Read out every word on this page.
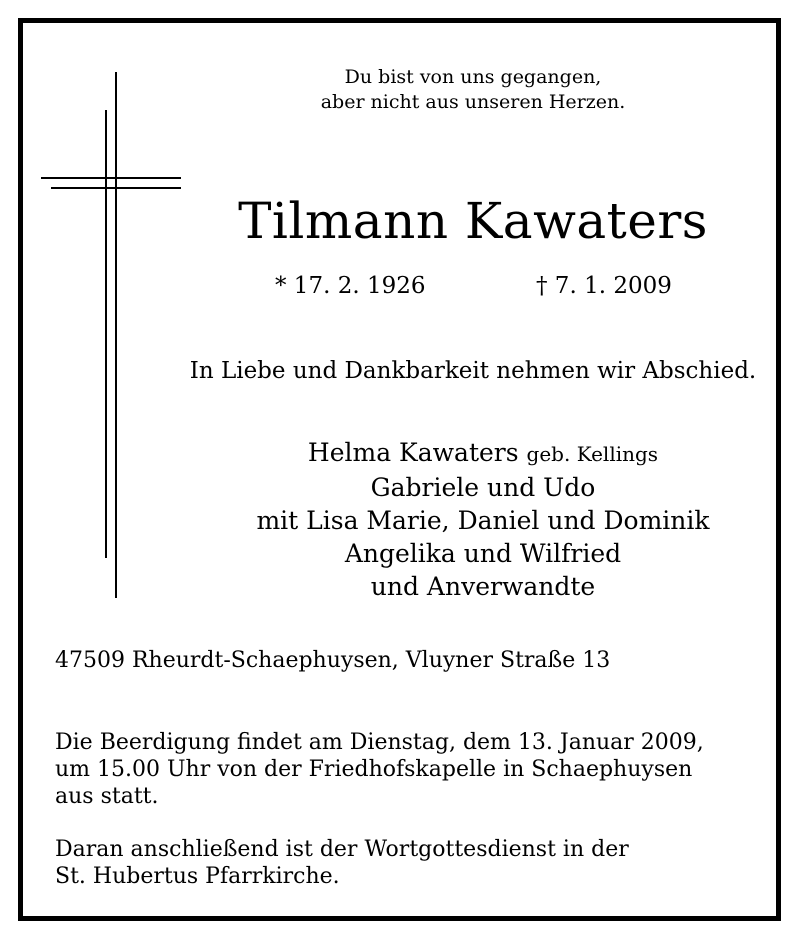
Du bist von uns gegangen,
aber nicht aus unseren Herzen.
Tilmann Kawaters
* 17. 2. 1926	† 7. 1. 2009
In Liebe und Dankbarkeit nehmen wir Abschied.
Helma Kawaters geb. Kellings
Gabriele und Udo
mit Lisa Marie, Daniel und Dominik
Angelika und Wilfried
und Anverwandte
47509 Rheurdt-Schaephuysen, Vluyner Straße 13
Die Beerdigung findet am Dienstag, dem 13. Januar 2009,
um 15.00 Uhr von der Friedhofskapelle in Schaephuysen
aus statt.
Daran anschließend ist der Wortgottesdienst in der
St. Hubertus Pfarrkirche.
